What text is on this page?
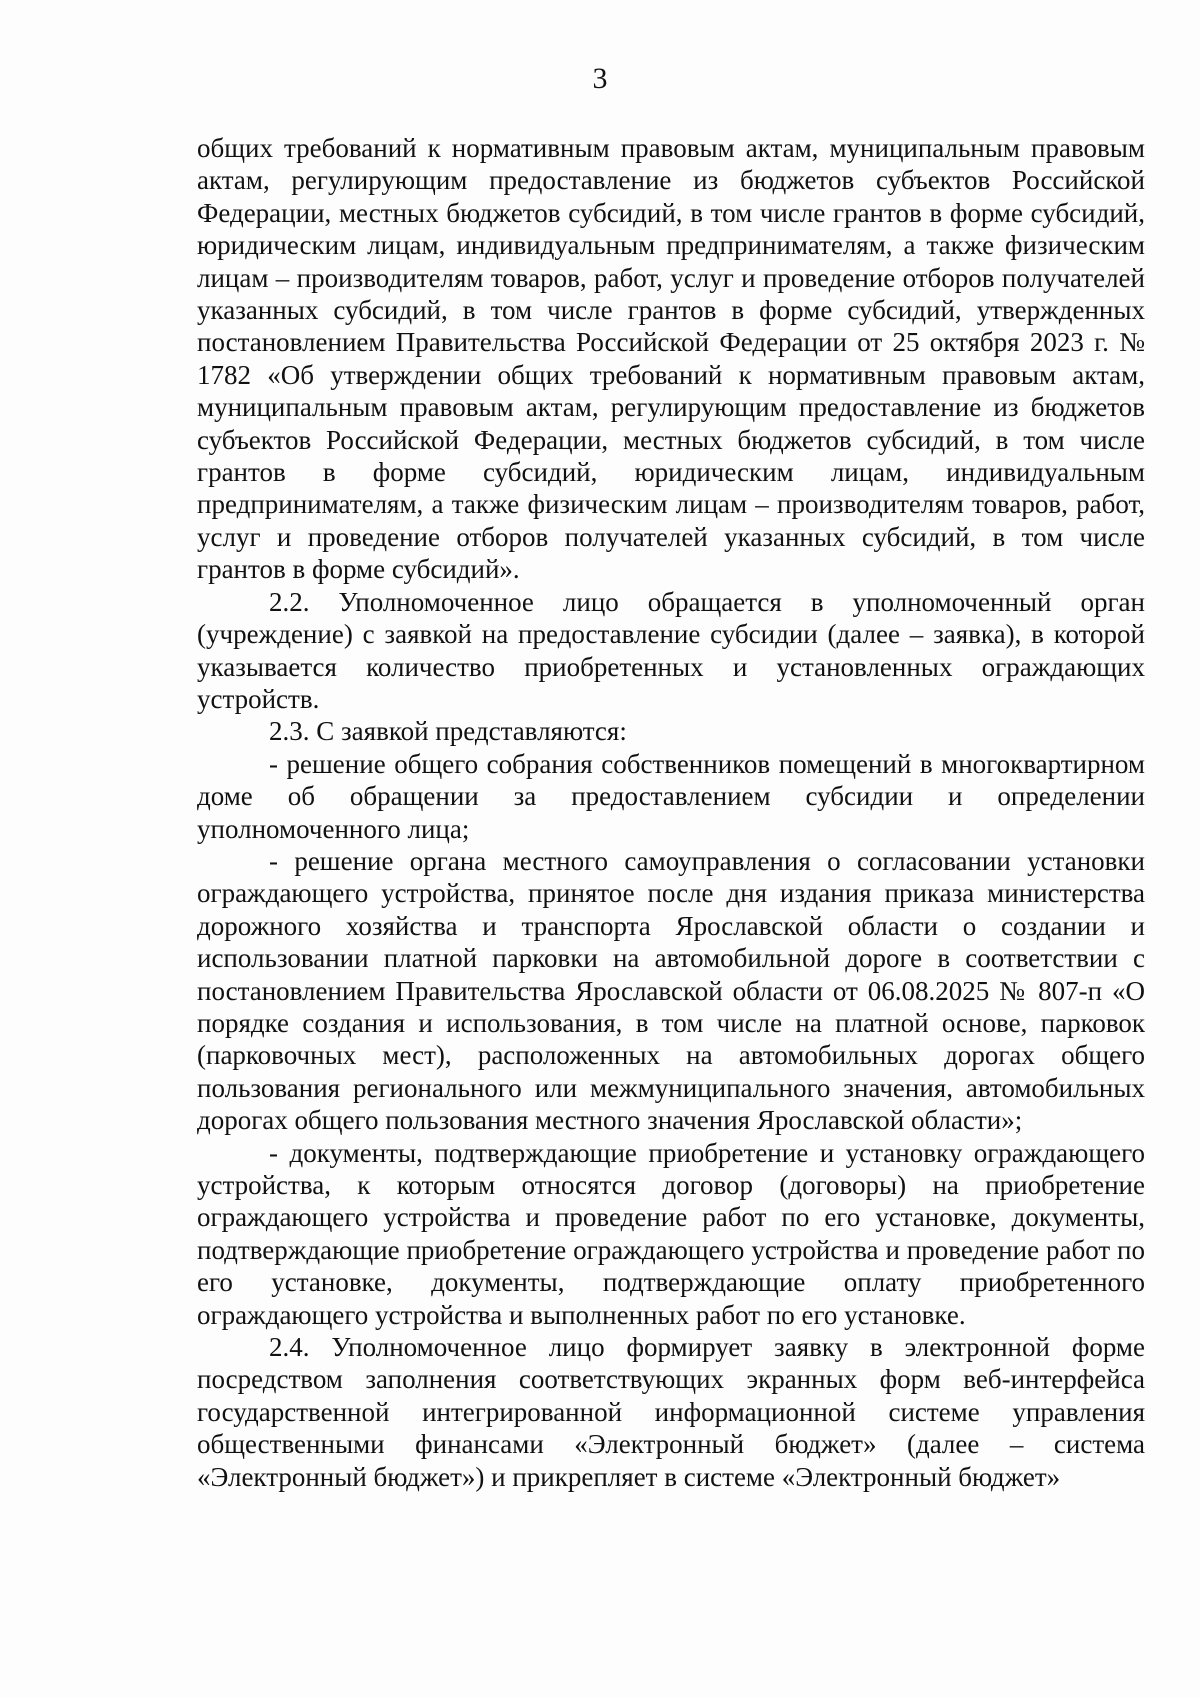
3

общих требований к нормативным правовым актам, муниципальным правовым актам, регулирующим предоставление из бюджетов субъектов Российской Федерации, местных бюджетов субсидий, в том числе грантов в форме субсидий, юридическим лицам, индивидуальным предпринимателям, а также физическим лицам – производителям товаров, работ, услуг и проведение отборов получателей указанных субсидий, в том числе грантов в форме субсидий, утвержденных постановлением Правительства Российской Федерации от 25 октября 2023 г. № 1782 «Об утверждении общих требований к нормативным правовым актам, муниципальным правовым актам, регулирующим предоставление из бюджетов субъектов Российской Федерации, местных бюджетов субсидий, в том числе грантов в форме субсидий, юридическим лицам, индивидуальным предпринимателям, а также физическим лицам – производителям товаров, работ, услуг и проведение отборов получателей указанных субсидий, в том числе грантов в форме субсидий».

2.2. Уполномоченное лицо обращается в уполномоченный орган (учреждение) с заявкой на предоставление субсидии (далее – заявка), в которой указывается количество приобретенных и установленных ограждающих устройств.

2.3. С заявкой представляются:

- решение общего собрания собственников помещений в многоквартирном доме об обращении за предоставлением субсидии и определении уполномоченного лица;

- решение органа местного самоуправления о согласовании установки ограждающего устройства, принятое после дня издания приказа министерства дорожного хозяйства и транспорта Ярославской области о создании и использовании платной парковки на автомобильной дороге в соответствии с постановлением Правительства Ярославской области от 06.08.2025 № 807-п «О порядке создания и использования, в том числе на платной основе, парковок (парковочных мест), расположенных на автомобильных дорогах общего пользования регионального или межмуниципального значения, автомобильных дорогах общего пользования местного значения Ярославской области»;

- документы, подтверждающие приобретение и установку ограждающего устройства, к которым относятся договор (договоры) на приобретение ограждающего устройства и проведение работ по его установке, документы, подтверждающие приобретение ограждающего устройства и проведение работ по его установке, документы, подтверждающие оплату приобретенного ограждающего устройства и выполненных работ по его установке.

2.4. Уполномоченное лицо формирует заявку в электронной форме посредством заполнения соответствующих экранных форм веб-интерфейса государственной интегрированной информационной системе управления общественными финансами «Электронный бюджет» (далее – система «Электронный бюджет») и прикрепляет в системе «Электронный бюджет»
